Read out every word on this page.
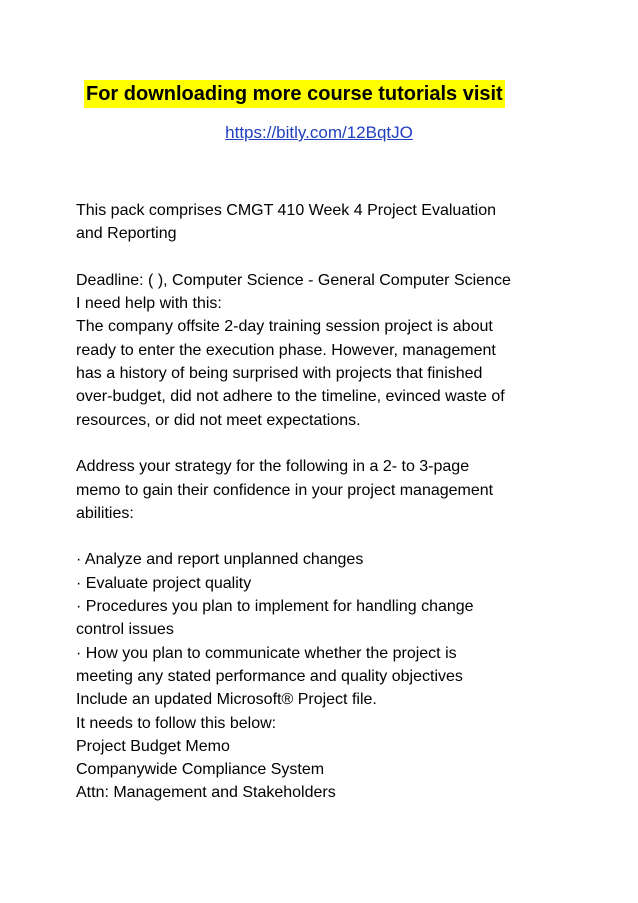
For downloading more course tutorials visit
https://bitly.com/12BqtJO
This pack comprises CMGT 410 Week 4 Project Evaluation
and Reporting
Deadline: ( ), Computer Science - General Computer Science
I need help with this:
The company offsite 2-day training session project is about
ready to enter the execution phase. However, management
has a history of being surprised with projects that finished
over-budget, did not adhere to the timeline, evinced waste of
resources, or did not meet expectations.
Address your strategy for the following in a 2- to 3-page
memo to gain their confidence in your project management
abilities:
· Analyze and report unplanned changes
· Evaluate project quality
· Procedures you plan to implement for handling change
control issues
· How you plan to communicate whether the project is
meeting any stated performance and quality objectives
Include an updated Microsoft® Project file.
It needs to follow this below:
Project Budget Memo
Companywide Compliance System
Attn: Management and Stakeholders
